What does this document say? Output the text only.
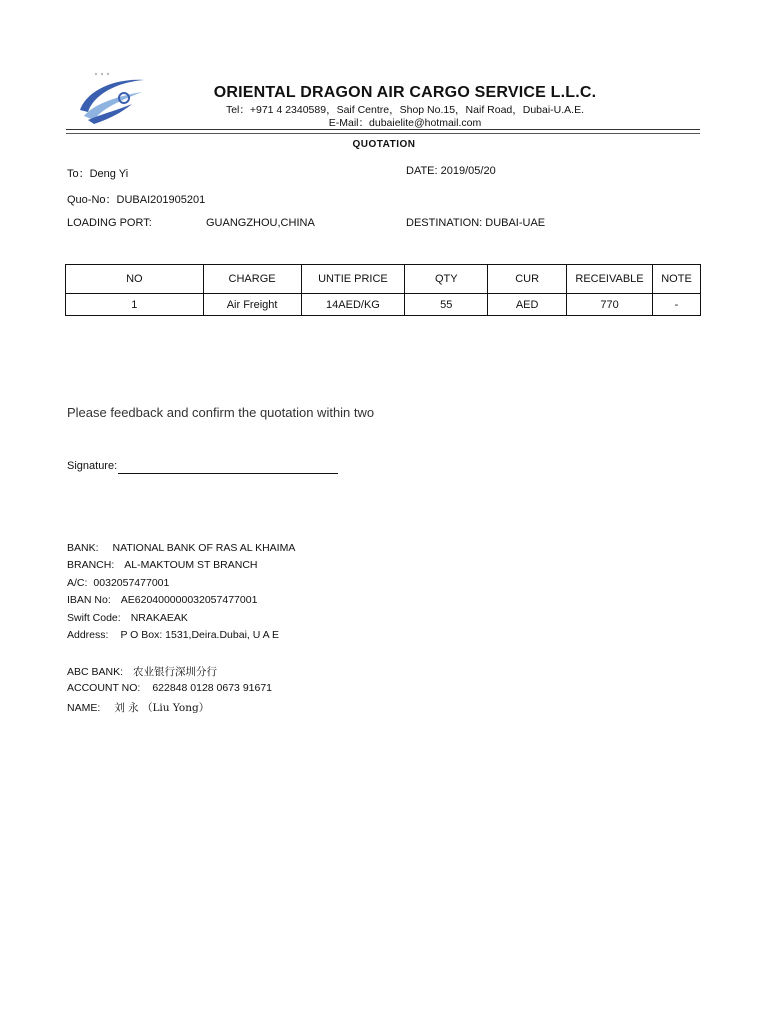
ORIENTAL DRAGON AIR CARGO SERVICE L.L.C.
Tel：+971 4 2340589，Saif Centre，Shop No.15，Naif Road，Dubai-U.A.E.
E-Mail：dubaielite@hotmail.com
QUOTATION
To：Deng Yi	DATE: 2019/05/20
Quo-No：DUBAI201905201
LOADING PORT:	GUANGZHOU,CHINA	DESTINATION: DUBAI-UAE
NO	CHARGE	UNTIE PRICE	QTY	CUR	RECEIVABLE	NOTE
1	Air Freight	14AED/KG	55	AED	770	-
Please feedback and confirm the quotation within two
Signature:
BANK: NATIONAL BANK OF RAS AL KHAIMA
BRANCH: AL-MAKTOUM ST BRANCH
A/C: 0032057477001
IBAN No: AE620400000032057477001
Swift Code: NRAKAEAK
Address: P O Box: 1531,Deira.Dubai, U A E
ABC BANK: 农业银行深圳分行
ACCOUNT NO: 622848 0128 0673 91671
NAME: 刘 永 （Liu Yong）
